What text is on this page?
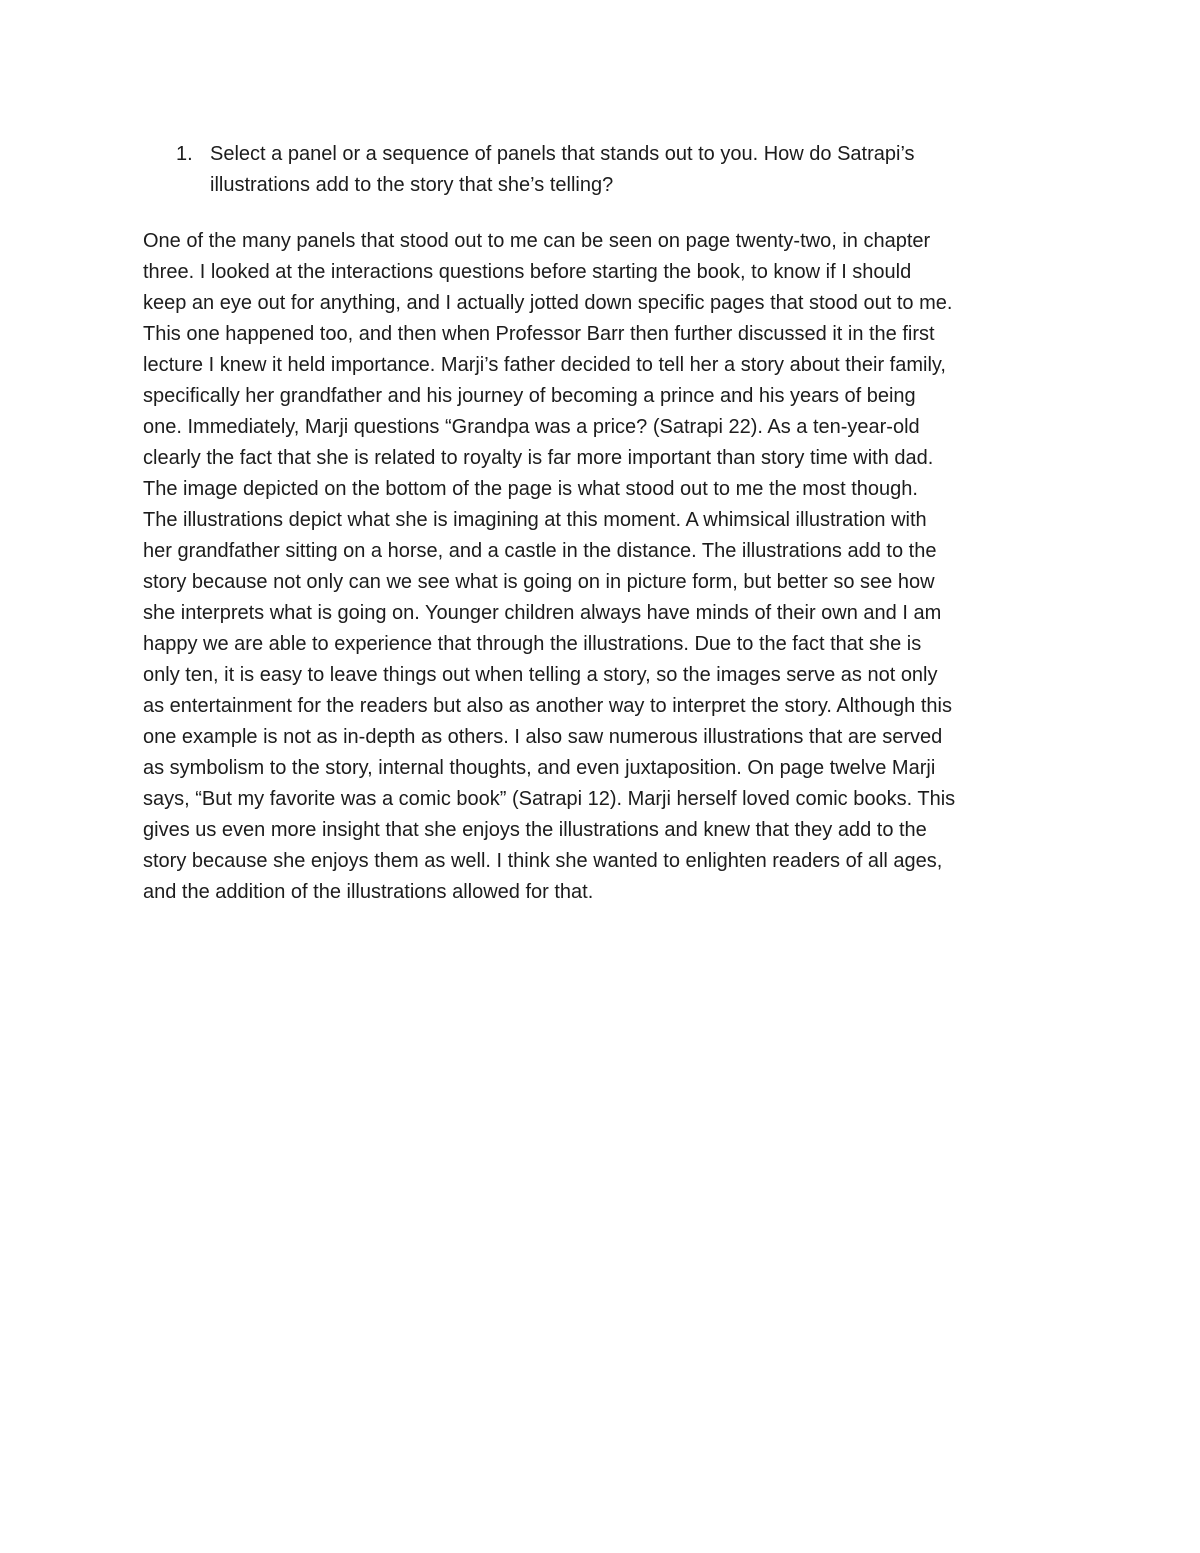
1. Select a panel or a sequence of panels that stands out to you. How do Satrapi’s
illustrations add to the story that she’s telling?
One of the many panels that stood out to me can be seen on page twenty-two, in chapter
three. I looked at the interactions questions before starting the book, to know if I should
keep an eye out for anything, and I actually jotted down specific pages that stood out to me.
This one happened too, and then when Professor Barr then further discussed it in the first
lecture I knew it held importance. Marji’s father decided to tell her a story about their family,
specifically her grandfather and his journey of becoming a prince and his years of being
one. Immediately, Marji questions “Grandpa was a price? (Satrapi 22). As a ten-year-old
clearly the fact that she is related to royalty is far more important than story time with dad.
The image depicted on the bottom of the page is what stood out to me the most though.
The illustrations depict what she is imagining at this moment. A whimsical illustration with
her grandfather sitting on a horse, and a castle in the distance. The illustrations add to the
story because not only can we see what is going on in picture form, but better so see how
she interprets what is going on. Younger children always have minds of their own and I am
happy we are able to experience that through the illustrations. Due to the fact that she is
only ten, it is easy to leave things out when telling a story, so the images serve as not only
as entertainment for the readers but also as another way to interpret the story. Although this
one example is not as in-depth as others. I also saw numerous illustrations that are served
as symbolism to the story, internal thoughts, and even juxtaposition. On page twelve Marji
says, “But my favorite was a comic book” (Satrapi 12). Marji herself loved comic books. This
gives us even more insight that she enjoys the illustrations and knew that they add to the
story because she enjoys them as well. I think she wanted to enlighten readers of all ages,
and the addition of the illustrations allowed for that.
